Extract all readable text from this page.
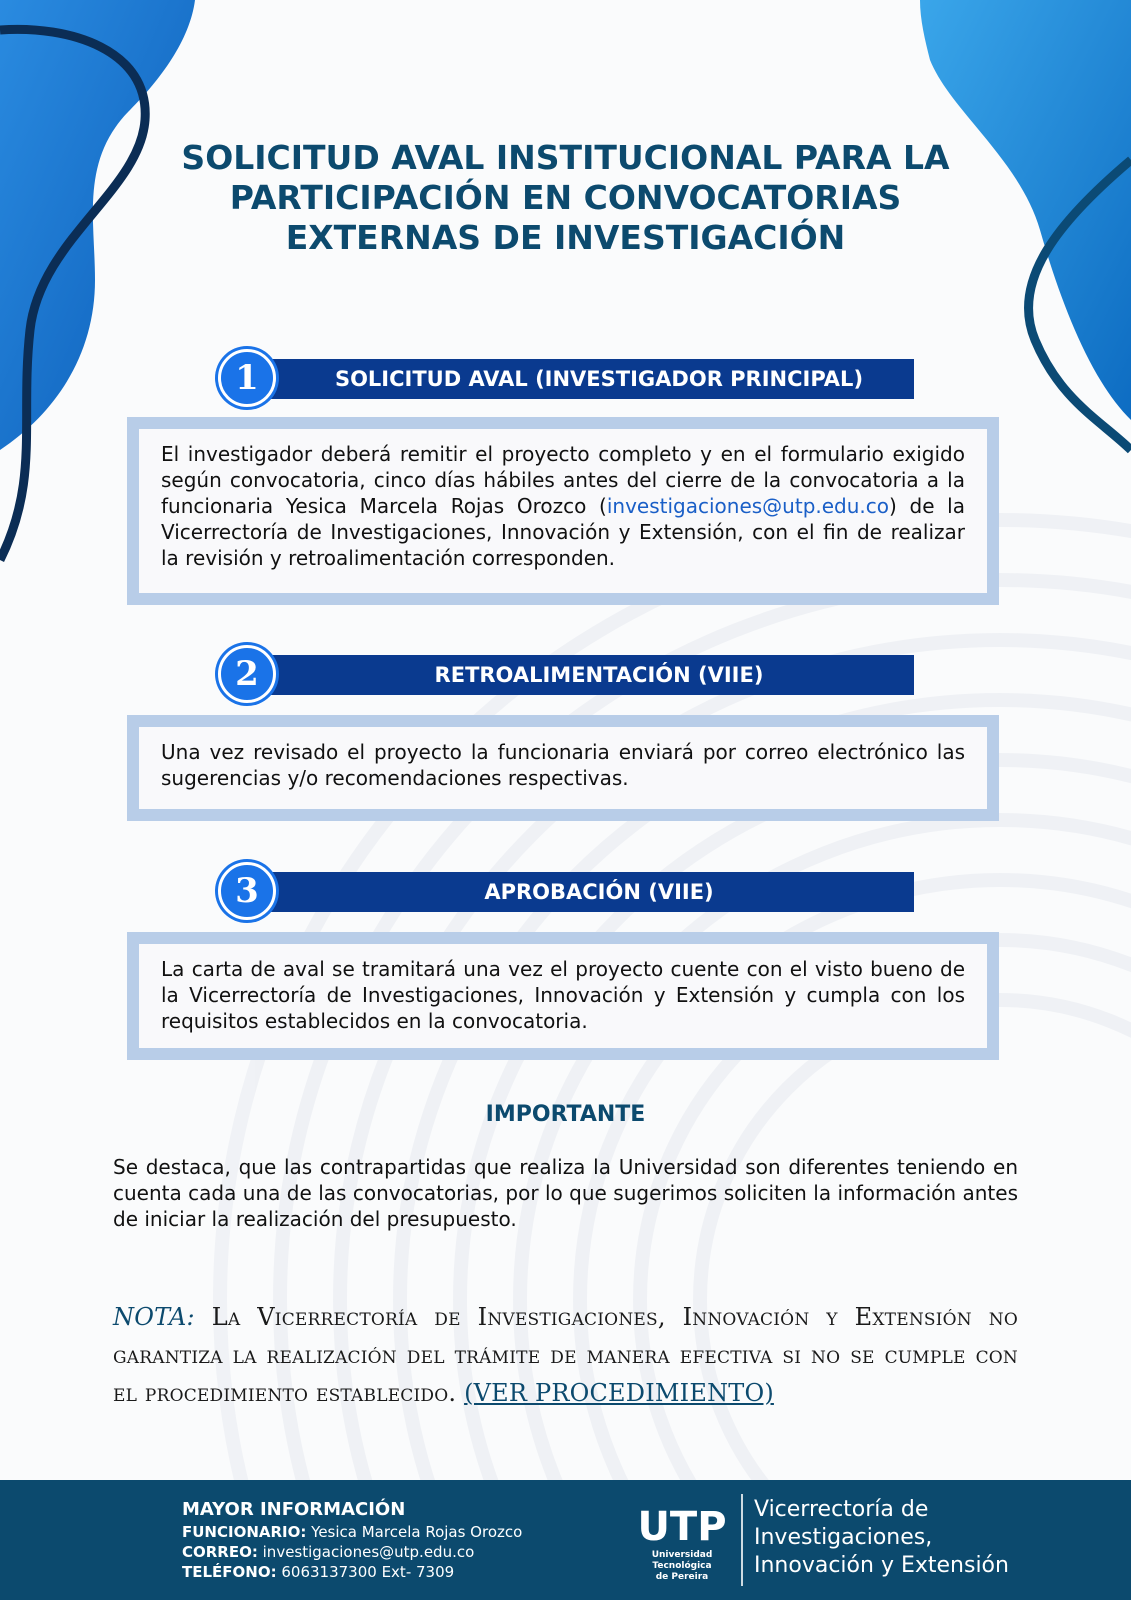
SOLICITUD AVAL INSTITUCIONAL PARA LA PARTICIPACIÓN EN CONVOCATORIAS EXTERNAS DE INVESTIGACIÓN
SOLICITUD AVAL (INVESTIGADOR PRINCIPAL)
1
El investigador deberá remitir el proyecto completo y en el formulario exigido según convocatoria, cinco días hábiles antes del cierre de la convocatoria a la funcionaria Yesica Marcela Rojas Orozco (investigaciones@utp.edu.co) de la Vicerrectoría de Investigaciones, Innovación y Extensión, con el fin de realizar la revisión y retroalimentación corresponden.
RETROALIMENTACIÓN (VIIE)
2
Una vez revisado el proyecto la funcionaria enviará por correo electrónico las sugerencias y/o recomendaciones respectivas.
APROBACIÓN (VIIE)
3
La carta de aval se tramitará una vez el proyecto cuente con el visto bueno de la Vicerrectoría de Investigaciones, Innovación y Extensión y cumpla con los requisitos establecidos en la convocatoria.
IMPORTANTE

Se destaca, que las contrapartidas que realiza la Universidad son diferentes teniendo en cuenta cada una de las convocatorias, por lo que sugerimos soliciten la información antes de iniciar la realización del presupuesto.

NOTA: La Vicerrectoría de Investigaciones, Innovación y Extensión no garantiza la realización del trámite de manera efectiva si no se cumple con el procedimiento establecido. (VER PROCEDIMIENTO)

MAYOR INFORMACIÓN
FUNCIONARIO: Yesica Marcela Rojas Orozco
CORREO: investigaciones@utp.edu.co
TELÉFONO: 6063137300 Ext- 7309
UTP
Universidad Tecnológica
de Pereira
Vicerrectoría de
Investigaciones,
Innovación y Extensión
